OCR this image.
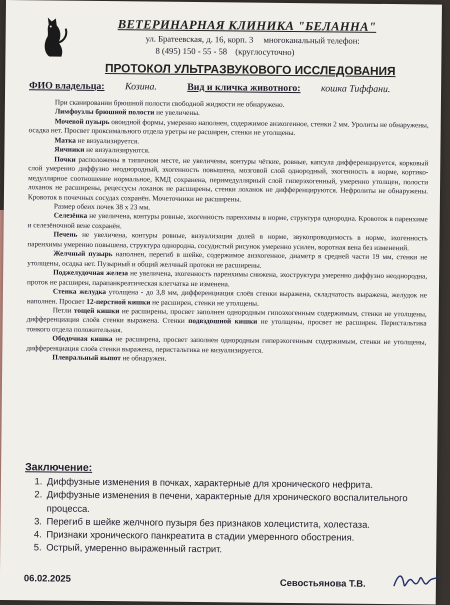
ВЕТЕРИНАРНАЯ КЛИНИКА "БЕЛАННА"
ул. Братеевская, д. 16, корп. 3 многоканальный телефон:
8 (495) 150 - 55 - 58 (круглосуточно)
ПРОТОКОЛ УЛЬТРАЗВУКОВОГО ИССЛЕДОВАНИЯ
ФИО владельца: Козина.	Вид и кличка животного: кошка Тиффани.

При сканировании брюшной полости свободной жидкости не обнаружено.

Лимфоузлы брюшной полости не увеличены.

Мочевой пузырь овоидной формы, умеренно наполнен, содержимое анэхогенное, стенки 2 мм. Уролиты не обнаружены, осадка нет. Просвет проксимального отдела уретры не расширен, стенки не утолщены.

Матка не визуализируется.

Яичники не визуализируются.

Почки расположены в типичном месте, не увеличены, контуры чёткие, ровные, капсула дифференцируется, корковый слой умеренно диффузно неоднородный, эхогенность повышена, мозговой слой однородный, эхогенность в норме, кортико-медуллярное соотношение нормальное, КМД сохранена, перимедуллярный слой гиперэхогенный, умеренно утолщен, полости лоханок не расширены, рецессусы лоханок не расширены, стенки лоханок не дифференцируются. Нефролиты не обнаружены. Кровоток в почечных сосудах сохранён. Мочеточники не расширены.

Размер обеих почек 38 х 23 мм.

Селезёнка не увеличена, контуры ровные, эхогенность паренхимы в норме, структура однородна. Кровоток в паренхиме и селезёночной вене сохранён.

Печень не увеличена, контуры ровные, визуализация долей в норме, звукопроводимость в норме, эхогенность паренхимы умеренно повышена, структура однородна, сосудистый рисунок умеренно усилен, воротная вена без изменений.

Желчный пузырь наполнен, перегиб в шейке, содержимое анэхогенное, диаметр в средней части 19 мм, стенки не утолщены, осадка нет. Пузырный и общий желчный протоки не расширены.

Поджелудочная железа не увеличена, эхогенность паренхимы снижена, эхоструктура умеренно диффузно неоднородна, проток не расширен, парапанкреатическая клетчатка не изменена.

Стенка желудка утолщена - до 3,8 мм, дифференциация слоёв стенки выражена, складчатость выражена, желудок не наполнен. Просвет 12-перстной кишки не расширен, стенки не утолщены.

Петли тощей кишки не расширены, просвет заполнен однородным гипоэхогенным содержимым, стенки не утолщены, дифференциация слоёв стенки выражена. Стенки подвздошной кишки не утолщены, просвет не расширен. Перистальтика тонкого отдела положительная.

Ободочная кишка не расширена, просвет заполнен однородным гиперэхогенным содержимым, стенки не утолщены, дифференциация слоёв стенки выражена, перистальтика не визуализируется.

Плевральный выпот не обнаружен.

Заключение:
1. Диффузные изменения в почках, характерные для хронического нефрита.
2. Диффузные изменения в печени, характерные для хронического воспалительного процесса.
3. Перегиб в шейке желчного пузыря без признаков холецистита, холестаза.
4. Признаки хронического панкреатита в стадии умеренного обострения.
5. Острый, умеренно выраженный гастрит.
06.02.2025	Севостьянова Т.В.
